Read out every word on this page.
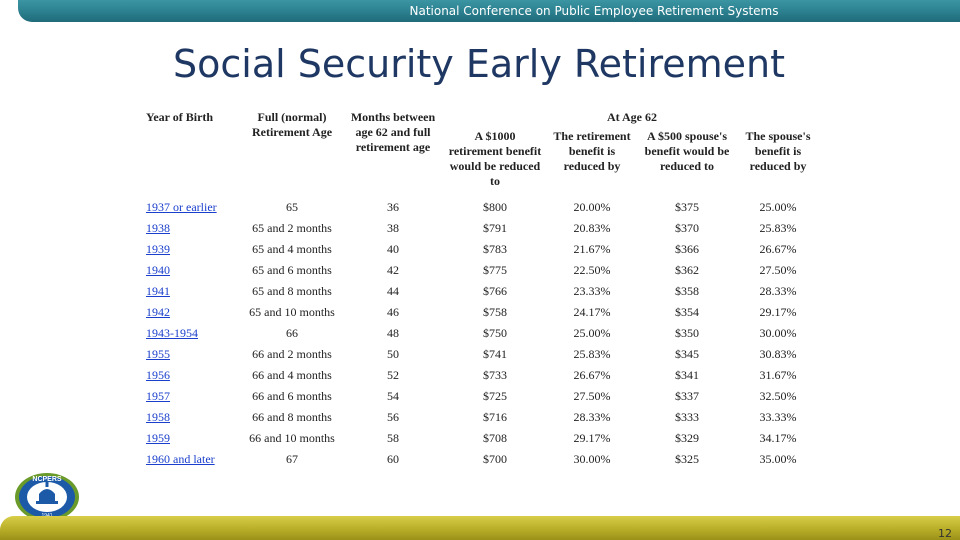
National Conference on Public Employee Retirement Systems
Social Security Early Retirement
Year of Birth	Full (normal) Retirement Age	Months between age 62 and full retirement age	At Age 62			
			A $1000 retirement benefit would be reduced to	The retirement benefit is reduced by	A $500 spouse's benefit would be reduced to	The spouse's benefit is reduced by
1937 or earlier	65	36	$800	20.00%	$375	25.00%
1938	65 and 2 months	38	$791	20.83%	$370	25.83%
1939	65 and 4 months	40	$783	21.67%	$366	26.67%
1940	65 and 6 months	42	$775	22.50%	$362	27.50%
1941	65 and 8 months	44	$766	23.33%	$358	28.33%
1942	65 and 10 months	46	$758	24.17%	$354	29.17%
1943-1954	66	48	$750	25.00%	$350	30.00%
1955	66 and 2 months	50	$741	25.83%	$345	30.83%
1956	66 and 4 months	52	$733	26.67%	$341	31.67%
1957	66 and 6 months	54	$725	27.50%	$337	32.50%
1958	66 and 8 months	56	$716	28.33%	$333	33.33%
1959	66 and 10 months	58	$708	29.17%	$329	34.17%
1960 and later	67	60	$700	30.00%	$325	35.00%
NCPERS
12
